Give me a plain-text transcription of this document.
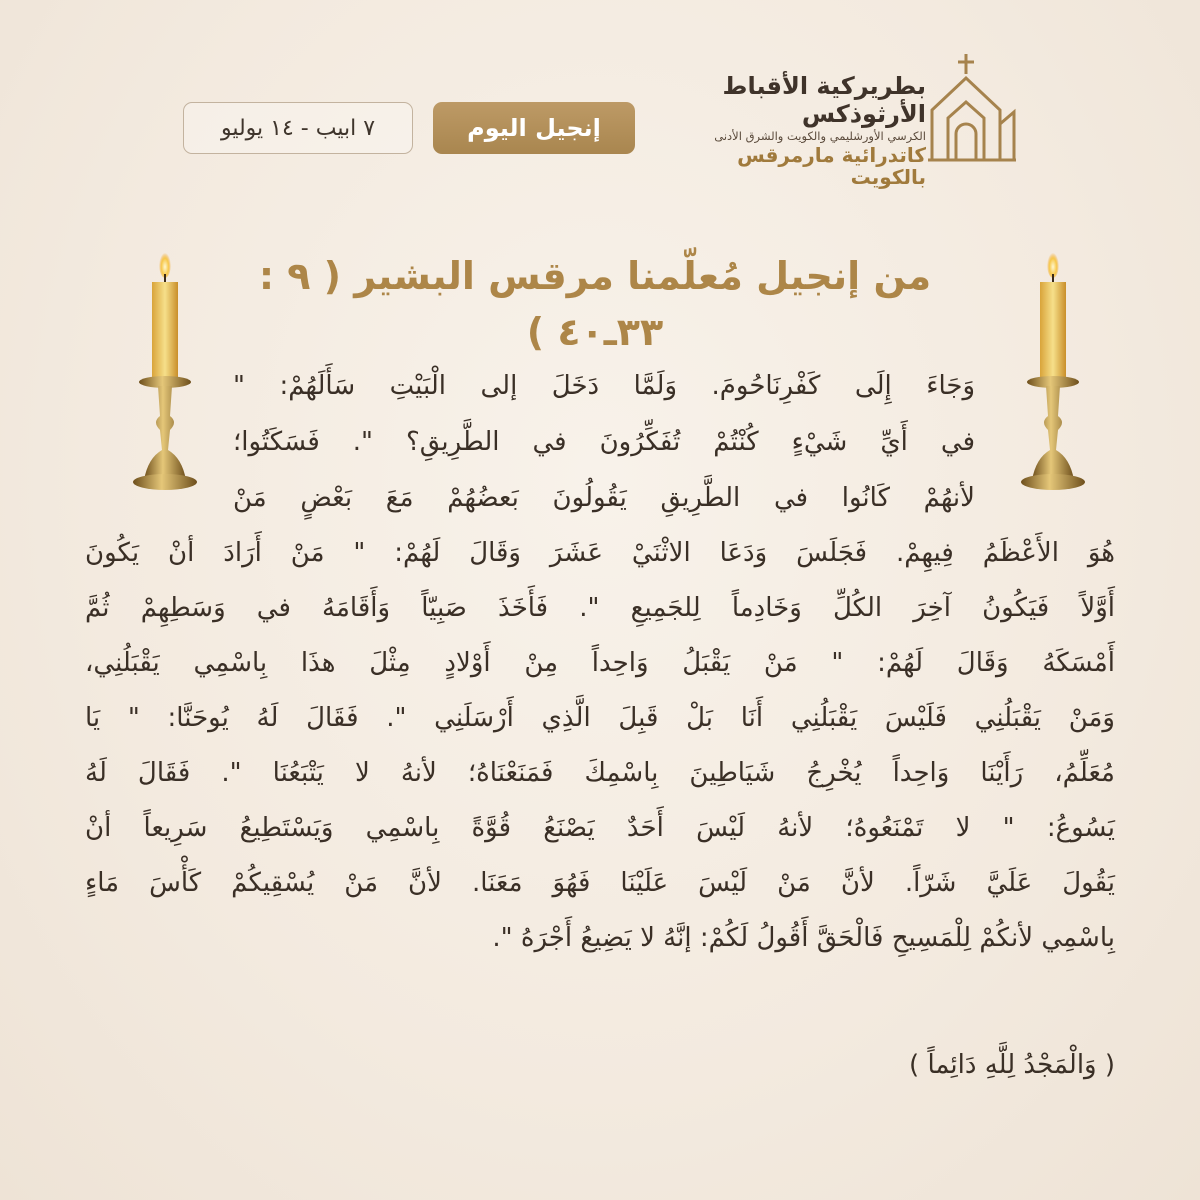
بطريركية الأقباط الأرثوذكس
الكرسي الأورشليمي والكويت والشرق الأدنى
كاتدرائية مارمرقس بالكويت
إنجيل اليوم
٧ ابيب - ١٤ يوليو
من إنجيل مُعلّمنا مرقس البشير ( ٩ : ٣٣ـ٤٠ )
وَجَاءَ إِلَى كَفْرِنَاحُومَ. وَلَمَّا دَخَلَ إلى الْبَيْتِ سَأَلَهُمْ: "
في أَيِّ شَيْءٍ كُنْتُمْ تُفَكِّرُونَ في الطَّرِيقِ؟ ". فَسَكَتُوا؛
لأنهُمْ كَانُوا في الطَّرِيقِ يَقُولُونَ بَعضُهُمْ مَعَ بَعْضٍ مَنْ
هُوَ الأَعْظَمُ فِيهِمْ. فَجَلَسَ وَدَعَا الاثْنَيْ عَشَرَ وَقَالَ لَهُمْ: " مَنْ أَرَادَ أنْ يَكُونَ
أَوَّلاً فَيَكُونُ آخِرَ الكُلِّ وَخَادِماً لِلجَمِيعِ ". فَأَخَذَ صَبِيّاً وَأَقَامَهُ في وَسَطِهِمْ ثُمَّ
أَمْسَكَهُ وَقَالَ لَهُمْ: " مَنْ يَقْبَلُ وَاحِداً مِنْ أَوْلادٍ مِثْلَ هذَا بِاسْمِي يَقْبَلُنِي،
وَمَنْ يَقْبَلُنِي فَلَيْسَ يَقْبَلُنِي أَنَا بَلْ قَبِلَ الَّذِي أَرْسَلَنِي ". فَقَالَ لَهُ يُوحَنَّا: " يَا
مُعَلِّمُ، رَأَيْنَا وَاحِداً يُخْرِجُ شَيَاطِينَ بِاسْمِكَ فَمَنَعْنَاهُ؛ لأنهُ لا يَتْبَعُنَا ". فَقَالَ لَهُ
يَسُوعُ: " لا تَمْنَعُوهُ؛ لأنهُ لَيْسَ أَحَدٌ يَصْنَعُ قُوَّةً بِاسْمِي وَيَسْتَطِيعُ سَرِيعاً أنْ
يَقُولَ عَلَيَّ شَرّاً. لأنَّ مَنْ لَيْسَ عَلَيْنَا فَهُوَ مَعَنَا. لأنَّ مَنْ يُسْقِيكُمْ كَأْسَ مَاءٍ
بِاسْمِي لأنكُمْ لِلْمَسِيحِ فَالْحَقَّ أَقُولُ لَكُمْ: إنَّهُ لا يَضِيعُ أَجْرَهُ ".
( وَالْمَجْدُ لِلَّهِ دَائِماً )
